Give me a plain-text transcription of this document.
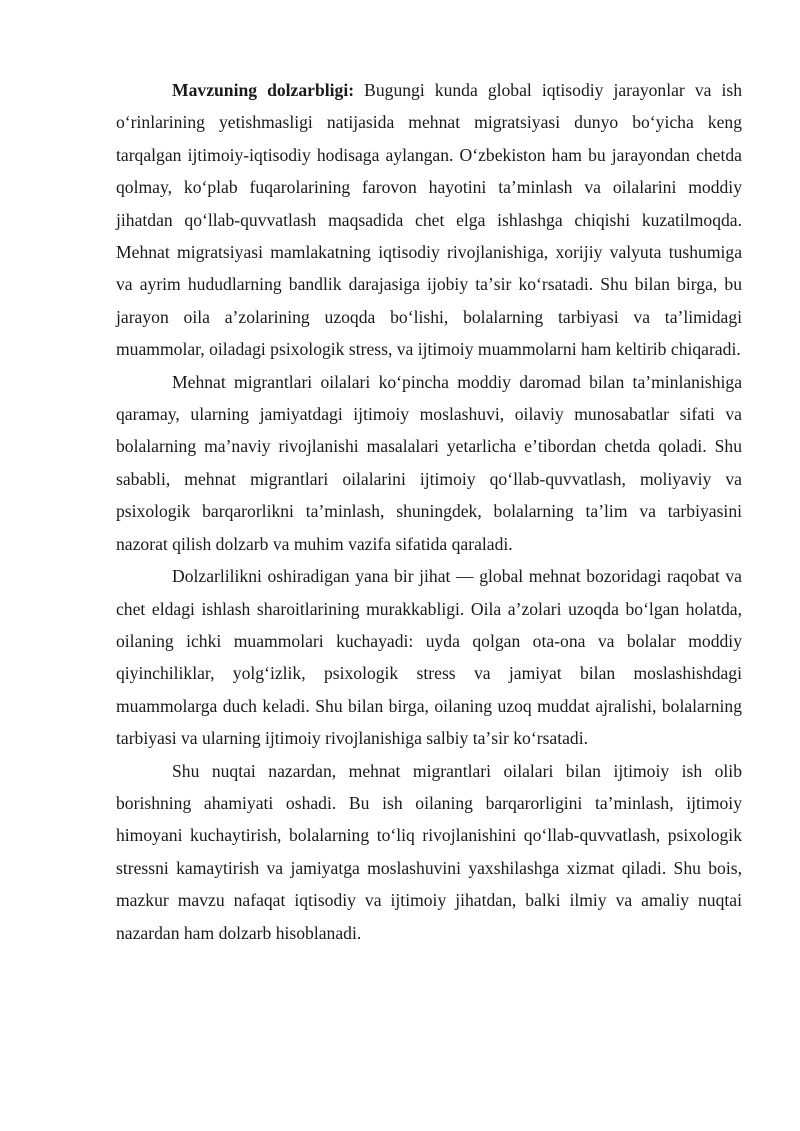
Mavzuning dolzarbligi: Bugungi kunda global iqtisodiy jarayonlar va ish oʻrinlarining yetishmasligi natijasida mehnat migratsiyasi dunyo boʻyicha keng tarqalgan ijtimoiy-iqtisodiy hodisaga aylangan. Oʻzbekiston ham bu jarayondan chetda qolmay, koʻplab fuqarolarining farovon hayotini taʼminlash va oilalarini moddiy jihatdan qoʻllab-quvvatlash maqsadida chet elga ishlashga chiqishi kuzatilmoqda. Mehnat migratsiyasi mamlakatning iqtisodiy rivojlanishiga, xorijiy valyuta tushumiga va ayrim hududlarning bandlik darajasiga ijobiy taʼsir koʻrsatadi. Shu bilan birga, bu jarayon oila aʼzolarining uzoqda boʻlishi, bolalarning tarbiyasi va taʼlimidagi muammolar, oiladagi psixologik stress, va ijtimoiy muammolarni ham keltirib chiqaradi.

Mehnat migrantlari oilalari koʻpincha moddiy daromad bilan taʼminlanishiga qaramay, ularning jamiyatdagi ijtimoiy moslashuvi, oilaviy munosabatlar sifati va bolalarning maʼnaviy rivojlanishi masalalari yetarlicha eʼtibordan chetda qoladi. Shu sababli, mehnat migrantlari oilalarini ijtimoiy qoʻllab-quvvatlash, moliyaviy va psixologik barqarorlikni taʼminlash, shuningdek, bolalarning taʼlim va tarbiyasini nazorat qilish dolzarb va muhim vazifa sifatida qaraladi.

Dolzarlilikni oshiradigan yana bir jihat — global mehnat bozoridagi raqobat va chet eldagi ishlash sharoitlarining murakkabligi. Oila aʼzolari uzoqda boʻlgan holatda, oilaning ichki muammolari kuchayadi: uyda qolgan ota-ona va bolalar moddiy qiyinchiliklar, yolgʻizlik, psixologik stress va jamiyat bilan moslashishdagi muammolarga duch keladi. Shu bilan birga, oilaning uzoq muddat ajralishi, bolalarning tarbiyasi va ularning ijtimoiy rivojlanishiga salbiy taʼsir koʻrsatadi.

Shu nuqtai nazardan, mehnat migrantlari oilalari bilan ijtimoiy ish olib borishning ahamiyati oshadi. Bu ish oilaning barqarorligini taʼminlash, ijtimoiy himoyani kuchaytirish, bolalarning toʻliq rivojlanishini qoʻllab-quvvatlash, psixologik stressni kamaytirish va jamiyatga moslashuvini yaxshilashga xizmat qiladi. Shu bois, mazkur mavzu nafaqat iqtisodiy va ijtimoiy jihatdan, balki ilmiy va amaliy nuqtai nazardan ham dolzarb hisoblanadi.
